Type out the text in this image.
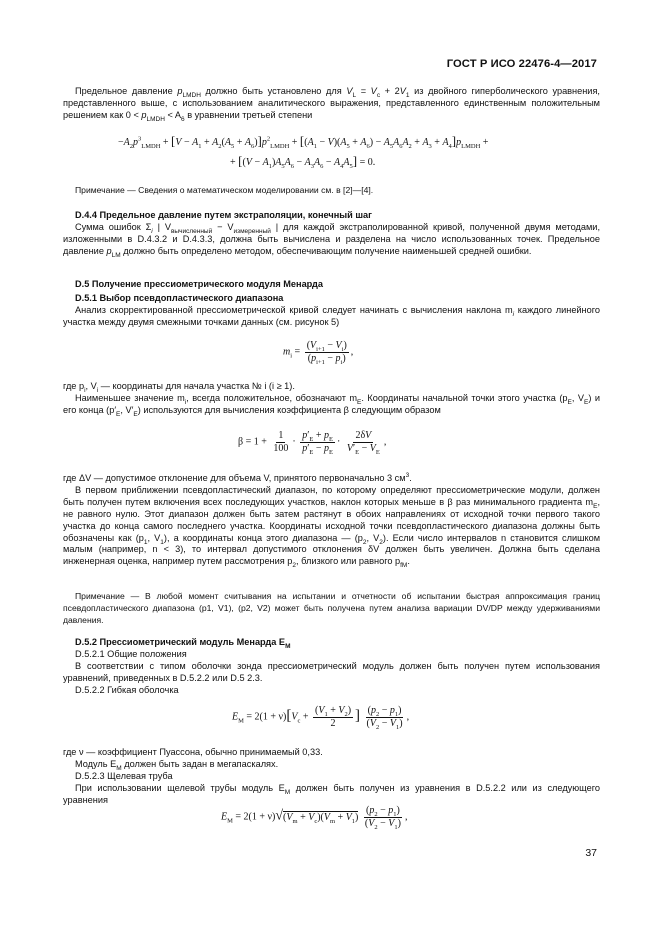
ГОСТ Р ИСО 22476-4—2017

Предельное давление $p_{LMDH}$ должно быть установлено для $V_L = V_c + 2V_1$ из двойного гиперболического уравнения, представленного выше, с использованием аналитического выражения, представленного единственным положительным решением как $0 < p_{LMDH} < A_6$ в уравнении третьей степени

$-A_2p^3_{LMDH} + [V - A_1 + A_2(A_5 + A_6)]p^2_{LMDH} + [(A_1 - V)(A_5 + A_6) - A_5A_6A_2 + A_3 + A_4]p_{LMDH}$ +
+ $[(V - A_1)A_5A_6 - A_3A_6 - A_4A_5] = 0$.

Примечание — Сведения о математическом моделировании см. в [2]—[4].

D.4.4 Предельное давление путем экстраполяции, конечный шаг

Сумма ошибок $\Sigma_i$ | $V_{вычисленный} - V_{измеренный}$ | для каждой экстраполированной кривой, полученной двумя методами, изложенными в D.4.3.2 и D.4.3.3, должна быть вычислена и разделена на число использованных точек. Предельное давление $p_{LM}$ должно быть определено методом, обеспечивающим получение наименьшей средней ошибки.

D.5 Получение прессиометрического модуля Менарда

D.5.1 Выбор псевдопластического диапазона

Анализ скорректированной прессиометрической кривой следует начинать с вычисления наклона $m_i$ каждого линейного участка между двумя смежными точками данных (см. рисунок 5)

$m_i = \frac{(V_{i+1} - V_i)}{(p_{i+1} - p_i)}$ ,

где $p_i$, $V_i$ — координаты для начала участка № i (i ≥ 1).

Наименьшее значение $m_i$, всегда положительное, обозначают $m_E$. Координаты начальной точки этого участка ($p_E$, $V_E$) и его конца ($p'_E$, $V'_E$) используются для вычисления коэффициента β следующим образом

$\beta = 1 + \frac{1}{100} \cdot \frac{p'_E + p_E}{p'_E - p_E} \cdot \frac{2\delta V}{V'_E - V_E}$ ,

где ΔV — допустимое отклонение для объема V, принятого первоначально 3 $см^3$.

В первом приближении псевдопластический диапазон, по которому определяют прессиометрические модули, должен быть получен путем включения всех последующих участков, наклон которых меньше в β раз минимального градиента $m_E$, не равного нулю. Этот диапазон должен быть затем растянут в обоих направлениях от исходной точки первого такого участка до конца самого последнего участка. Координаты исходной точки псевдопластического диапазона должны быть обозначены как ($p_1$, $V_1$), а координаты конца этого диапазона — ($p_2$, $V_2$). Если число интервалов n становится слишком малым (например, n < 3), то интервал допустимого отклонения δV должен быть увеличен. Должна быть сделана инженерная оценка, например путем рассмотрения $p_2$, близкого или равного $p_{fM}$.

Примечание — В любой момент считывания на испытании и отчетности об испытании быстрая аппроксимация границ псевдопластического диапазона (p1, V1), (p2, V2) может быть получена путем анализа вариации DV/DP между удерживаниями давления.

D.5.2 Прессиометрический модуль Менарда $E_M$

D.5.2.1 Общие положения

В соответствии с типом оболочки зонда прессиометрический модуль должен быть получен путем использования уравнений, приведенных в D.5.2.2 или D.5 2.3.

D.5.2.2 Гибкая оболочка

$E_M = 2(1 + \nu)[V_c + \frac{(V_1 + V_2)}{2}$ ] $\frac{(p_2 - p_1)}{(V_2 - V_1)}$ ,

где ν — коэффициент Пуассона, обычно принимаемый 0,33.

Модуль $E_M$ должен быть задан в мегапаскалях.

D.5.2.3 Щелевая труба

При использовании щелевой трубы модуль $E_M$ должен быть получен из уравнения в D.5.2.2 или из следующего уравнения

$E_M = 2(1 + \nu)√(V_m + V_c)(V_m + V_1) \frac{(p_2 - p_1)}{(V_2 - V_1)}$ ,
37
